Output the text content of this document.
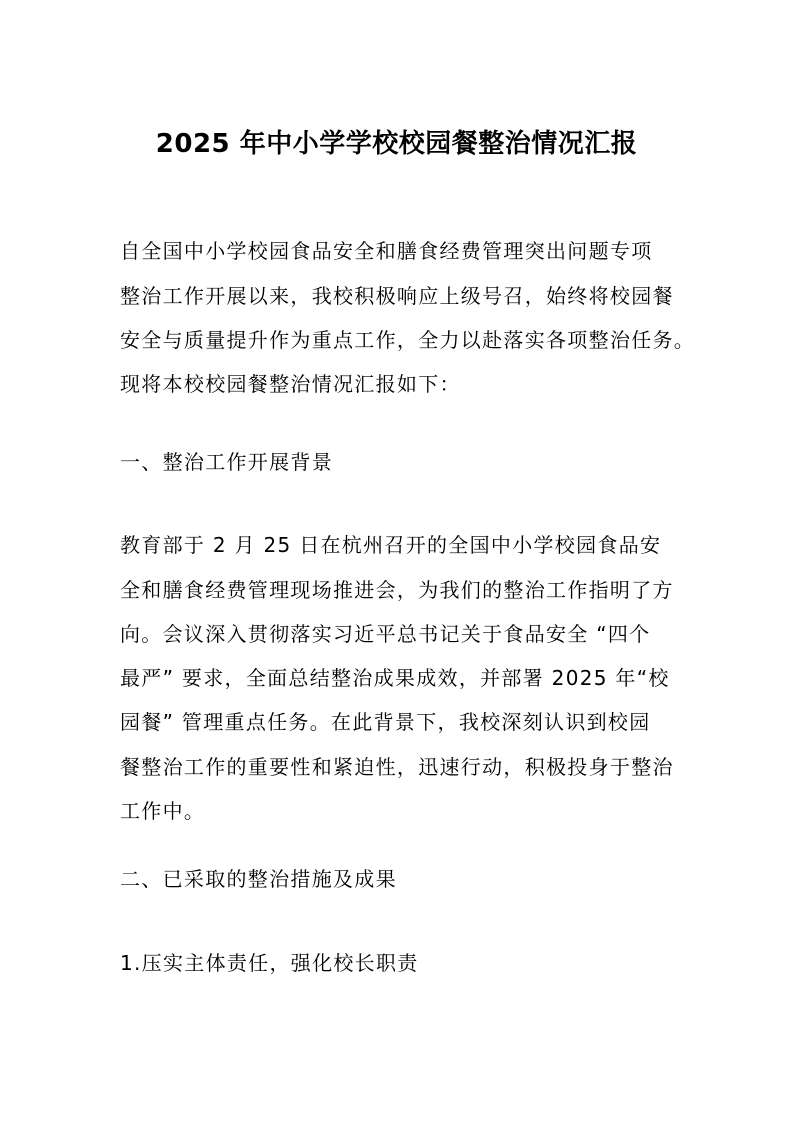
2025 年中小学学校校园餐整治情况汇报

自全国中小学校园食品安全和膳食经费管理突出问题专项

整治工作开展以来，我校积极响应上级号召，始终将校园餐

安全与质量提升作为重点工作，全力以赴落实各项整治任务。

现将本校校园餐整治情况汇报如下：

一、整治工作开展背景

教育部于 2 月 25 日在杭州召开的全国中小学校园食品安

全和膳食经费管理现场推进会，为我们的整治工作指明了方

向。会议深入贯彻落实习近平总书记关于食品安全 “四个

最严” 要求，全面总结整治成果成效，并部署 2025 年“校

园餐” 管理重点任务。在此背景下，我校深刻认识到校园

餐整治工作的重要性和紧迫性，迅速行动，积极投身于整治

工作中。

二、已采取的整治措施及成果

1.压实主体责任，强化校长职责
